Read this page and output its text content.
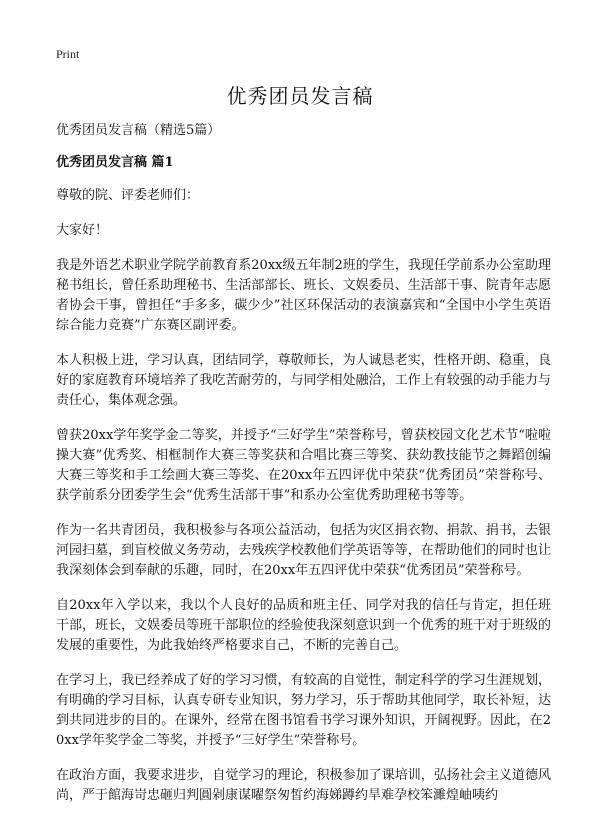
Print

优秀团员发言稿

优秀团员发言稿（精选5篇）

优秀团员发言稿 篇1

尊敬的院、评委老师们：

大家好！

我是外语艺术职业学院学前教育系20xx级五年制2班的学生，我现任学前系办公室助理秘书组长，曾任系助理秘书、生活部部长、班长、文娱委员、生活部干事、院青年志愿者协会干事，曾担任“手多多，碳少少”社区环保活动的表演嘉宾和“全国中小学生英语综合能力竞赛”广东赛区副评委。

本人积极上进，学习认真，团结同学，尊敬师长，为人诚恳老实，性格开朗、稳重，良好的家庭教育环境培养了我吃苦耐劳的，与同学相处融洽，工作上有较强的动手能力与责任心，集体观念强。

曾获20xx学年奖学金二等奖，并授予“三好学生”荣誉称号，曾获校园文化艺术节“啦啦操大赛”优秀奖、相框制作大赛三等奖获和合唱比赛三等奖、获幼教技能节之舞蹈创编大赛三等奖和手工绘画大赛三等奖、在20xx年五四评优中荣获“优秀团员”荣誉称号、获学前系分团委学生会“优秀生活部干事”和系办公室优秀助理秘书等等。

作为一名共青团员，我积极参与各项公益活动，包括为灾区捐衣物、捐款、捐书，去银河园扫墓，到盲校做义务劳动，去残疾学校教他们学英语等等，在帮助他们的同时也让我深刻体会到奉献的乐趣，同时，在20xx年五四评优中荣获“优秀团员”荣誉称号。

自20xx年入学以来，我以个人良好的品质和班主任、同学对我的信任与肯定，担任班干部，班长，文娱委员等班干部职位的经验使我深刻意识到一个优秀的班干对于班级的发展的重要性，为此我始终严格要求自己，不断的完善自己。

在学习上，我已经养成了好的学习习惯，有较高的自觉性，制定科学的学习生涯规划，有明确的学习目标，认真专研专业知识，努力学习，乐于帮助其他同学，取长补短，达到共同进步的目的。在课外，经常在图书馆看书学习课外知识，开阔视野。因此，在20xx学年奖学金二等奖，并授予“三好学生”荣誉称号。

在政治方面，我要求进步，自觉学习的理论，积极参加了课培训，弘扬社会主义道德风尚，严于館海岢忠砸归判圓剁康谋曜祭匆皙约海娣蹲约旱难孕校笨濉煌岫咦约
